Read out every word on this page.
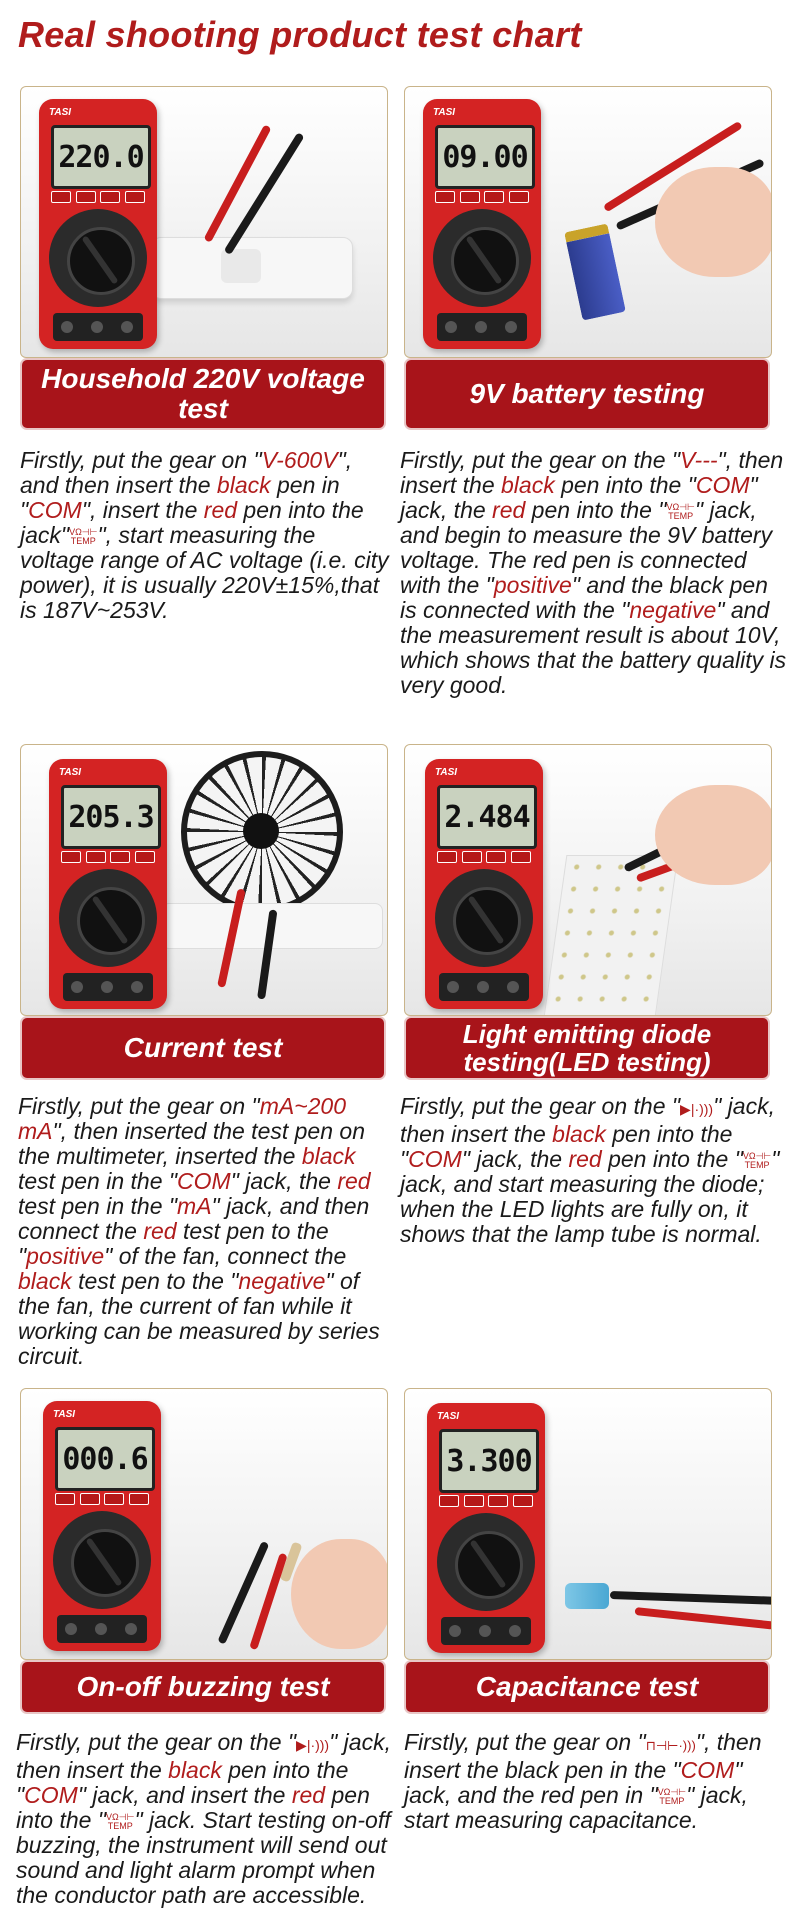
Real shooting product test chart
TASI
220.0
Household 220V voltage test
TASI
09.00
9V battery testing
Firstly, put the gear on "V-600V", and then insert the black pen in "COM", insert the red pen into the jack" VΩ⊣⊢
TEMP ", start measuring the voltage range of AC voltage (i.e. city power), it is usually 220V±15%,that is 187V~253V.
Firstly, put the gear on the "V---", then insert the black pen into the "COM" jack, the red pen into the " VΩ⊣⊢
TEMP " jack, and begin to measure the 9V battery voltage. The red pen is connected with the "positive" and the black pen is connected with the "negative" and the measurement result is about 10V, which shows that the battery quality is very good.
TASI
205.3
Current test
TASI
2.484
Light emitting diode testing(LED testing)
Firstly, put the gear on "mA~200 mA", then inserted the test pen on the multimeter, inserted the black test pen in the "COM" jack, the red test pen in the "mA" jack, and then connect the red test pen to the "positive" of the fan, connect the black test pen to the "negative" of the fan, the current of fan while it working can be measured by series circuit.
Firstly, put the gear on the "▶|·)))" jack, then insert the black pen into the "COM" jack, the red pen into the " VΩ⊣⊢
TEMP " jack, and start measuring the diode; when the LED lights are fully on, it shows that the lamp tube is normal.
TASI
000.6
On-off buzzing test
TASI
3.300
Capacitance test
Firstly, put the gear on the "▶|·)))" jack, then insert the black pen into the "COM" jack, and insert the red pen into the " VΩ⊣⊢
TEMP " jack. Start testing on-off buzzing, the instrument will send out sound and light alarm prompt when the conductor path are accessible.
Firstly, put the gear on "⊓⊣⊢·)))", then insert the black pen in the "COM" jack, and the red pen in " VΩ⊣⊢
TEMP " jack, start measuring capacitance.
